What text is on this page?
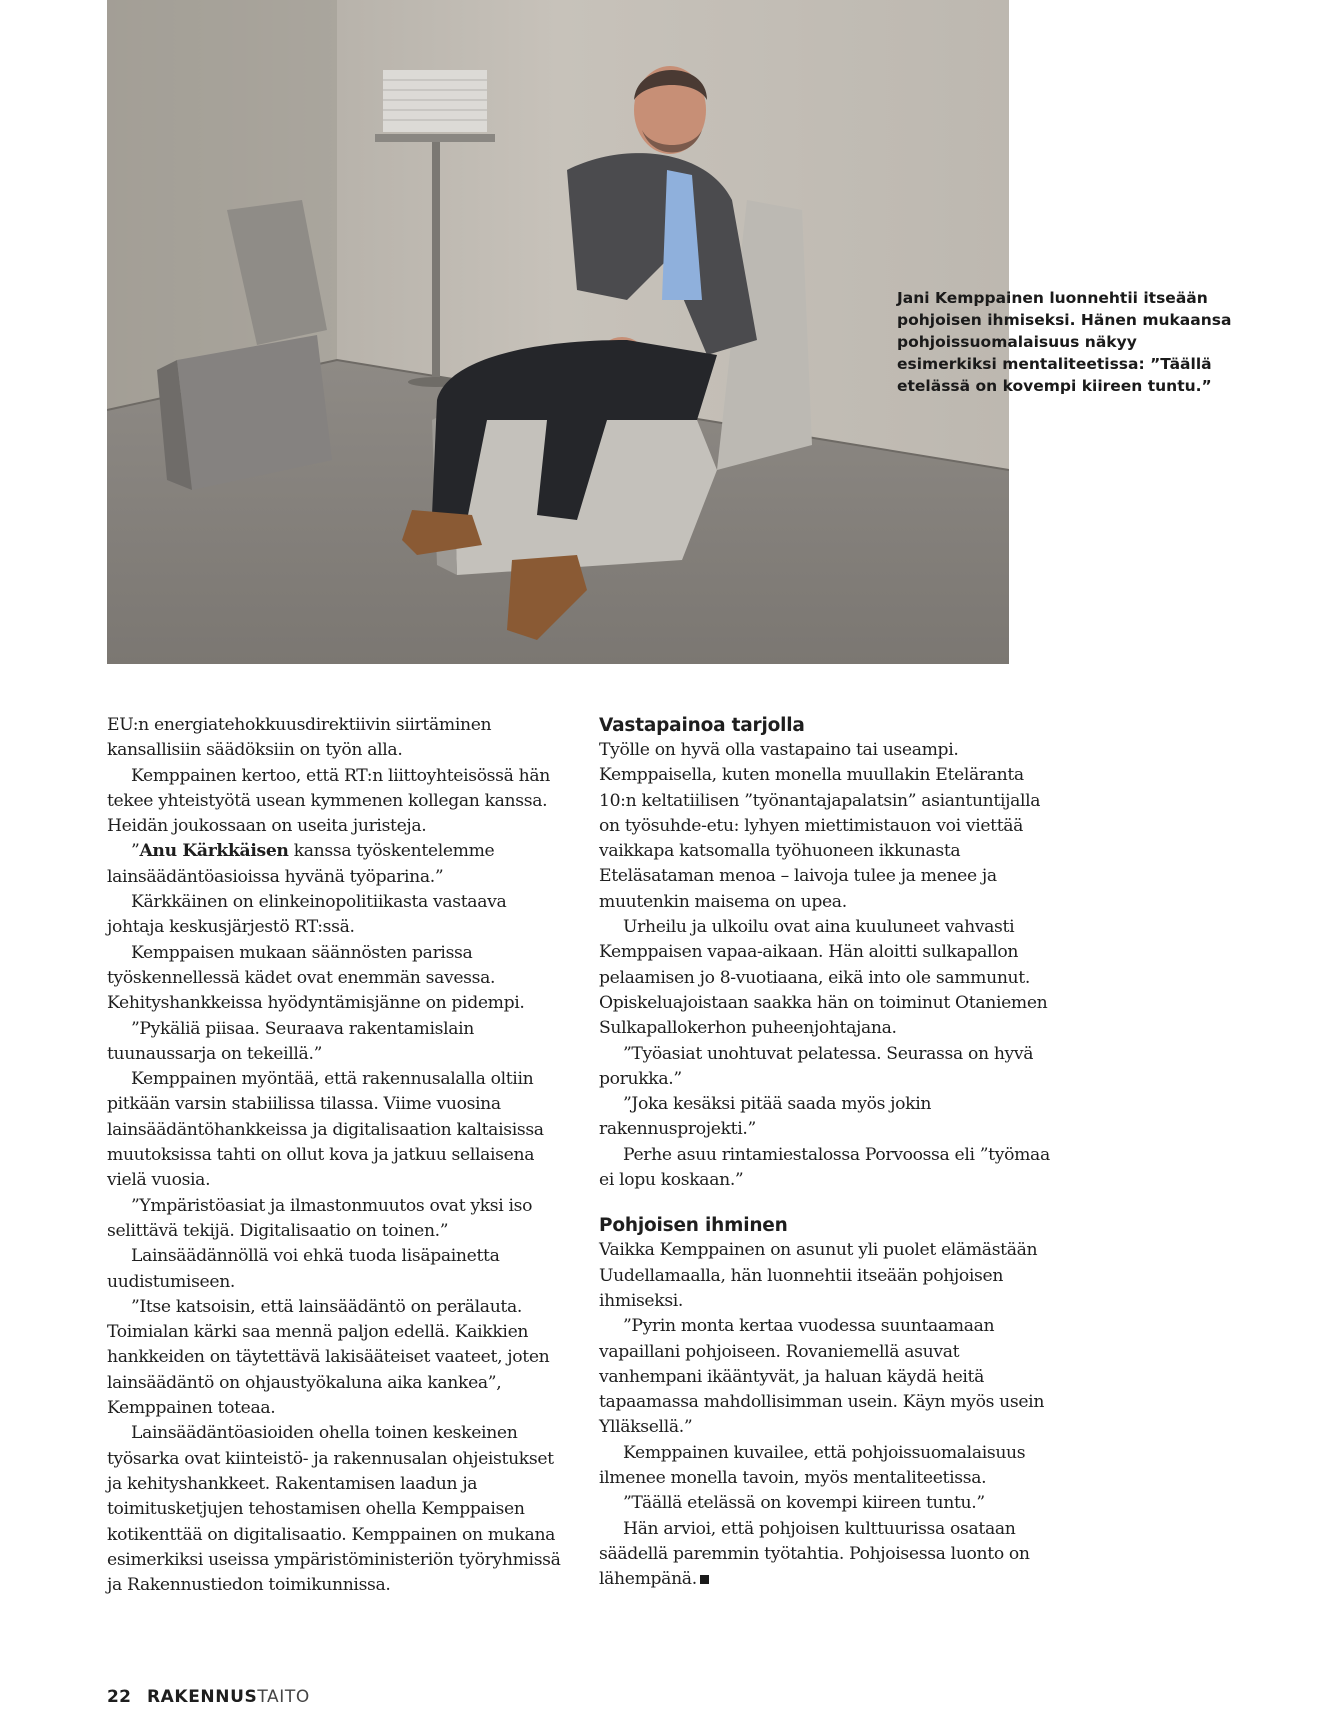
Jani Kemppainen luonnehtii itseään pohjoisen ihmiseksi. Hänen mukaansa pohjoissuomalaisuus näkyy esimerkiksi mentaliteetissa: ”Täällä etelässä on kovempi kiireen tuntu.”

EU:n energiatehokkuusdirektiivin siirtäminen kansallisiin säädöksiin on työn alla.

Kemppainen kertoo, että RT:n liittoyhteisössä hän tekee yhteistyötä usean kymmenen kollegan kanssa. Heidän joukossaan on useita juristeja.

”Anu Kärkkäisen kanssa työskentelemme lainsäädäntöasioissa hyvänä työparina.”

Kärkkäinen on elinkeinopolitiikasta vastaava johtaja keskusjärjestö RT:ssä.

Kemppaisen mukaan säännösten parissa työskennellessä kädet ovat enemmän savessa. Kehityshankkeissa hyödyntämisjänne on pidempi.

”Pykäliä piisaa. Seuraava rakentamislain tuunaussarja on tekeillä.”

Kemppainen myöntää, että rakennusalalla oltiin pitkään varsin stabiilissa tilassa. Viime vuosina lainsäädäntöhankkeissa ja digitalisaation kaltaisissa muutoksissa tahti on ollut kova ja jatkuu sellaisena vielä vuosia.

”Ympäristöasiat ja ilmastonmuutos ovat yksi iso selittävä tekijä. Digitalisaatio on toinen.”

Lainsäädännöllä voi ehkä tuoda lisäpainetta uudistumiseen.

”Itse katsoisin, että lainsäädäntö on perälauta. Toimialan kärki saa mennä paljon edellä. Kaikkien hankkeiden on täytettävä lakisääteiset vaateet, joten lainsäädäntö on ohjaustyökaluna aika kankea”, Kemppainen toteaa.

Lainsäädäntöasioiden ohella toinen keskeinen työsarka ovat kiinteistö- ja rakennusalan ohjeistukset ja kehityshankkeet. Rakentamisen laadun ja toimitusketjujen tehostamisen ohella Kemppaisen kotikenttää on digitalisaatio. Kemppainen on mukana esimerkiksi useissa ympäristöministeriön työryhmissä ja Rakennustiedon toimikunnissa.

Vastapainoa tarjolla

Työlle on hyvä olla vastapaino tai useampi. Kemppaisella, kuten monella muullakin Eteläranta 10:n keltatiilisen ”työnantajapalatsin” asiantuntijalla on työsuhde-etu: lyhyen miettimistauon voi viettää vaikkapa katsomalla työhuoneen ikkunasta Eteläsataman menoa – laivoja tulee ja menee ja muutenkin maisema on upea.

Urheilu ja ulkoilu ovat aina kuuluneet vahvasti Kemppaisen vapaa-aikaan. Hän aloitti sulkapallon pelaamisen jo 8-vuotiaana, eikä into ole sammunut. Opiskeluajoistaan saakka hän on toiminut Otaniemen Sulkapallokerhon puheenjohtajana.

”Työasiat unohtuvat pelatessa. Seurassa on hyvä porukka.”

”Joka kesäksi pitää saada myös jokin rakennusprojekti.”

Perhe asuu rintamiestalossa Porvoossa eli ”työmaa ei lopu koskaan.”

Pohjoisen ihminen

Vaikka Kemppainen on asunut yli puolet elämästään Uudellamaalla, hän luonnehtii itseään pohjoisen ihmiseksi.

”Pyrin monta kertaa vuodessa suuntaamaan vapaillani pohjoiseen. Rovaniemellä asuvat vanhempani ikääntyvät, ja haluan käydä heitä tapaamassa mahdollisimman usein. Käyn myös usein Ylläksellä.”

Kemppainen kuvailee, että pohjoissuomalaisuus ilmenee monella tavoin, myös mentaliteetissa.

”Täällä etelässä on kovempi kiireen tuntu.”

Hän arvioi, että pohjoisen kulttuurissa osataan säädellä paremmin työtahtia. Pohjoisessa luonto on lähempänä.

22 RAKENNUSTAITO
